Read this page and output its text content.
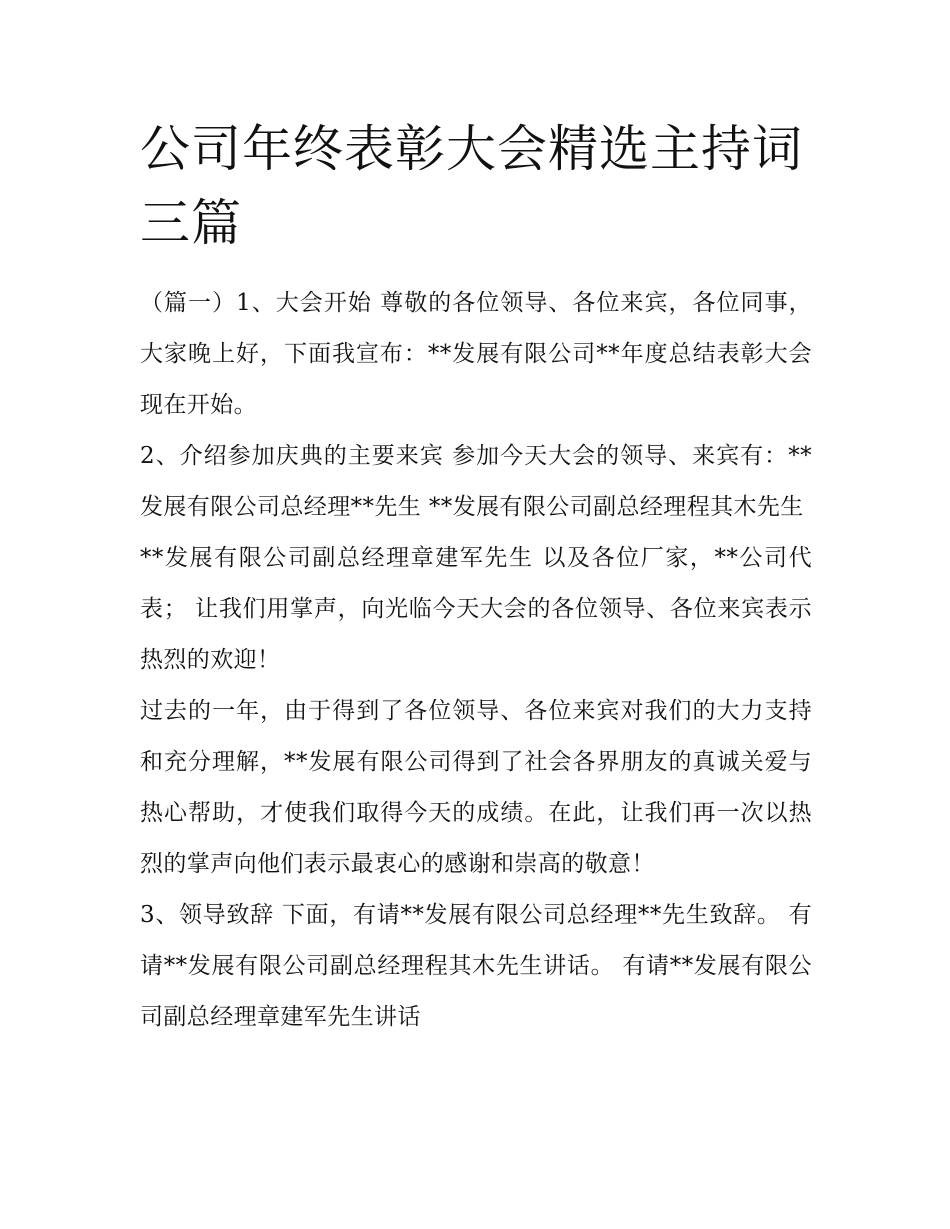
公司年终表彰大会精选主持词三篇

（篇一）1、大会开始 尊敬的各位领导、各位来宾，各位同事，大家晚上好，下面我宣布：**发展有限公司**年度总结表彰大会现在开始。

2、介绍参加庆典的主要来宾 参加今天大会的领导、来宾有：**发展有限公司总经理**先生 **发展有限公司副总经理程其木先生

**发展有限公司副总经理章建军先生 以及各位厂家，**公司代表； 让我们用掌声，向光临今天大会的各位领导、各位来宾表示热烈的欢迎！

过去的一年，由于得到了各位领导、各位来宾对我们的大力支持和充分理解，**发展有限公司得到了社会各界朋友的真诚关爱与热心帮助，才使我们取得今天的成绩。在此，让我们再一次以热烈的掌声向他们表示最衷心的感谢和崇高的敬意！

3、领导致辞 下面，有请**发展有限公司总经理**先生致辞。 有请**发展有限公司副总经理程其木先生讲话。 有请**发展有限公司副总经理章建军先生讲话
